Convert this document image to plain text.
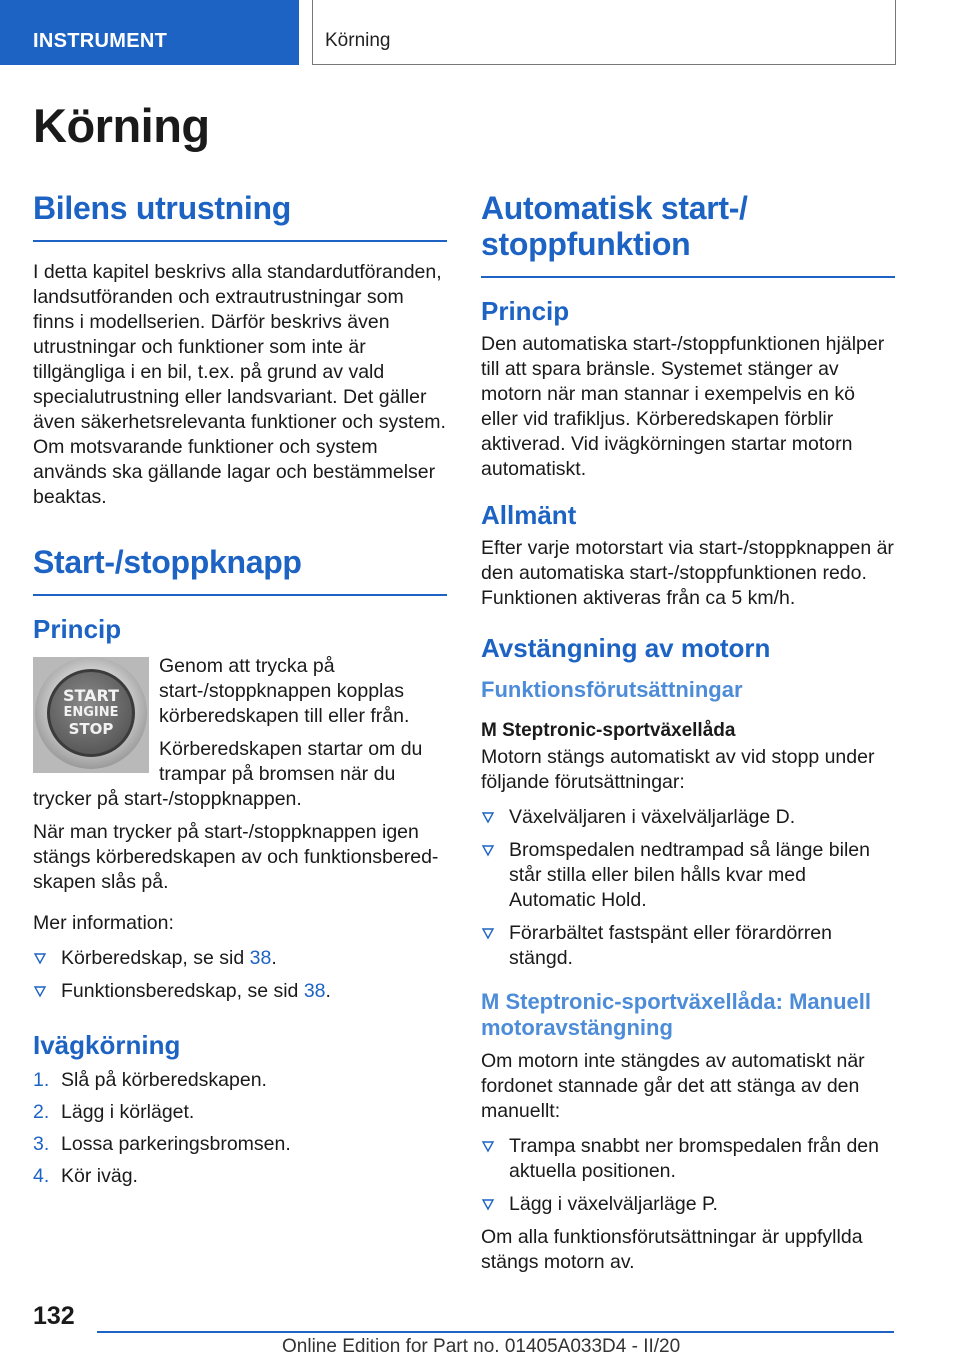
INSTRUMENT	Körning
Körning
Bilens utrustning

I detta kapitel beskrivs alla standardutföranden, landsutföranden och extrautrustningar som finns i modellserien. Därför beskrivs även utrustningar och funktioner som inte är tillgängliga i en bil, t.ex. på grund av vald specialutrustning eller landsvariant. Det gäller även säkerhetsrelevanta funktioner och system. Om motsvarande funktioner och system används ska gällande lagar och bestämmelser beaktas.

Start-/stoppknapp
Princip
START
ENGINE
STOP

Genom att trycka på start-/stoppknappen kopplas körberedskapen till eller från.

Körberedskapen startar om du trampar på bromsen när du trycker på start-/stoppknappen.

När man trycker på start-/stoppknappen igen stängs körberedskapen av och funktionsberedskapen slås på.

Mer information:

Körberedskap, se sid 38.
Funktionsberedskap, se sid 38.
Ivägkörning
1. Slå på körberedskapen.
2. Lägg i körläget.
3. Lossa parkeringsbromsen.
4. Kör iväg.
Automatisk start-/ stoppfunktion
Princip

Den automatiska start-/stoppfunktionen hjälper till att spara bränsle. Systemet stänger av motorn när man stannar i exempelvis en kö eller vid trafikljus. Körberedskapen förblir aktiverad. Vid ivägkörningen startar motorn automatiskt.

Allmänt

Efter varje motorstart via start-/stoppknappen är den automatiska start-/stoppfunktionen redo. Funktionen aktiveras från ca 5 km/h.

Avstängning av motorn
Funktionsförutsättningar
M Steptronic-sportväxellåda

Motorn stängs automatiskt av vid stopp under följande förutsättningar:

Växelväljaren i växelväljarläge D.
Bromspedalen nedtrampad så länge bilen står stilla eller bilen hålls kvar med Automatic Hold.
Förarbältet fastspänt eller förardörren stängd.
M Steptronic-sportväxellåda: Manuell motoravstängning

Om motorn inte stängdes av automatiskt när fordonet stannade går det att stänga av den manuellt:

Trampa snabbt ner bromspedalen från den aktuella positionen.
Lägg i växelväljarläge P.

Om alla funktionsförutsättningar är uppfyllda stängs motorn av.

132
Online Edition for Part no. 01405A033D4 - II/20
